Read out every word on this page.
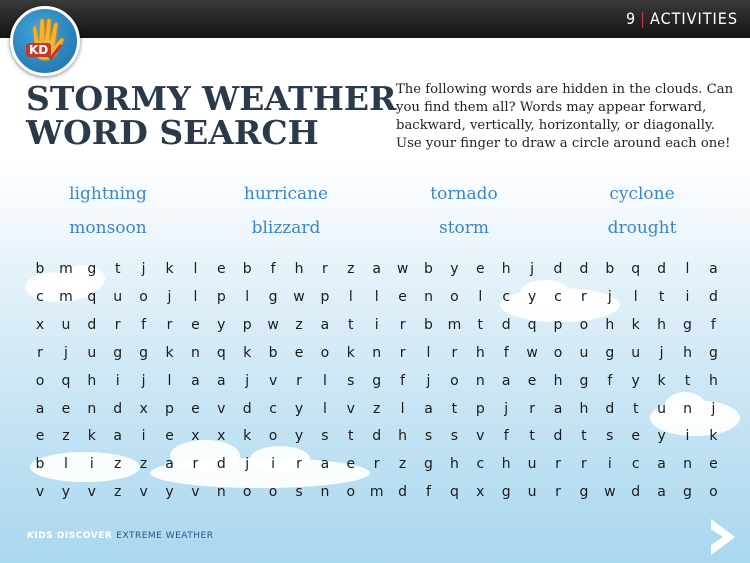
9 | ACTIVITIES
KD
STORMY WEATHER
WORD SEARCH

The following words are hidden in the clouds. Can you find them all? Words may appear forward, backward, vertically, horizontally, or diagonally. Use your finger to draw a circle around each one!

lightning	hurricane	tornado	cyclone
monsoon	blizzard	storm	drought
b	m	g	t	j	k	l	e	b	f	h	r	z	a	w	b	y	e	h	j	d	d	b	q	d	l	a
c	m	q	u	o	j	l	p	l	g	w	p	l	l	e	n	o	l	c	y	c	r	j	l	t	i	d
x	u	d	r	f	r	e	y	p	w	z	a	t	i	r	b	m	t	d	q	p	o	h	k	h	g	f
r	j	u	g	g	k	n	q	k	b	e	o	k	n	r	l	r	h	f	w	o	u	g	u	j	h	g
o	q	h	i	j	l	a	a	j	v	r	l	s	g	f	j	o	n	a	e	h	g	f	y	k	t	h
a	e	n	d	x	p	e	v	d	c	y	l	v	z	l	a	t	p	j	r	a	h	d	t	u	n	j
e	z	k	a	i	e	x	x	k	o	y	s	t	d	h	s	s	v	f	t	d	t	s	e	y	i	k
b	l	i	z	z	a	r	d	j	i	r	a	e	r	z	g	h	c	h	u	r	r	i	c	a	n	e
v	y	v	z	v	y	v	n	o	o	s	n	o	m	d	f	q	x	g	u	r	g	w	d	a	g	o
KIDS DISCOVER EXTREME WEATHER
